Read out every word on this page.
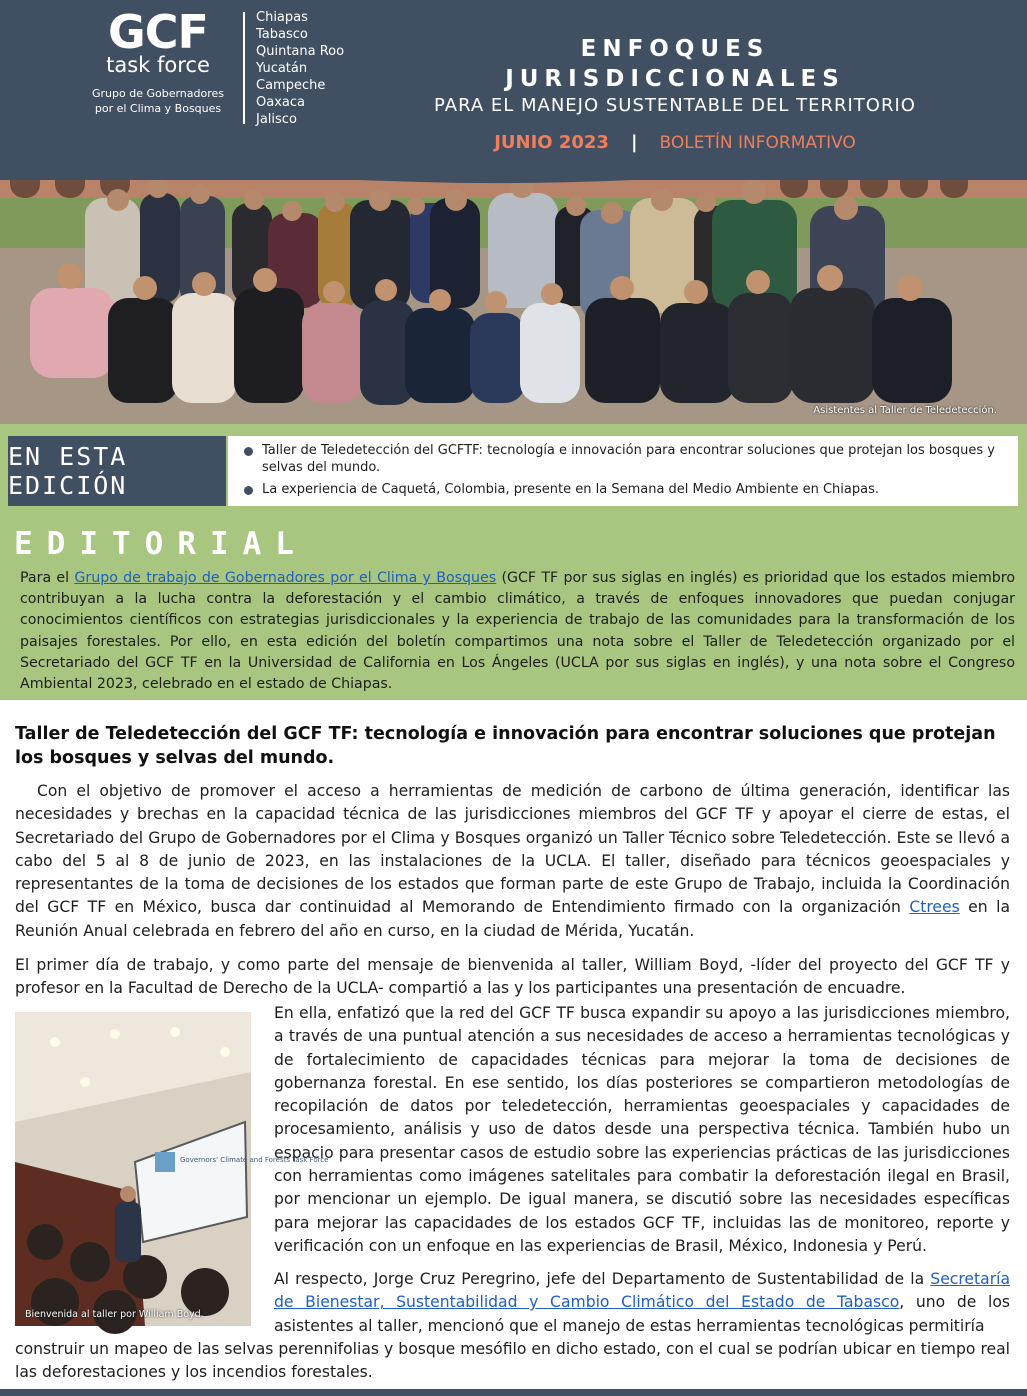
Asistentes al Taller de Teledetección.
GCF
task force
Grupo de Gobernadores
por el Clima y Bosques
Chiapas
Tabasco
Quintana Roo
Yucatán
Campeche
Oaxaca
Jalisco
ENFOQUES JURISDICCIONALES
PARA EL MANEJO SUSTENTABLE DEL TERRITORIO
JUNIO 2023 | BOLETÍN INFORMATIVO
EN ESTA EDICIÓN
Taller de Teledetección del GCFTF: tecnología e innovación para encontrar soluciones que protejan los bosques y selvas del mundo.
La experiencia de Caquetá, Colombia, presente en la Semana del Medio Ambiente en Chiapas.
EDITORIAL
Para el Grupo de trabajo de Gobernadores por el Clima y Bosques (GCF TF por sus siglas en inglés) es prioridad que los estados miembro contribuyan a la lucha contra la deforestación y el cambio climático, a través de enfoques innovadores que puedan conjugar conocimientos científicos con estrategias jurisdiccionales y la experiencia de trabajo de las comunidades para la transformación de los paisajes forestales. Por ello, en esta edición del boletín compartimos una nota sobre el Taller de Teledetección organizado por el Secretariado del GCF TF en la Universidad de California en Los Ángeles (UCLA por sus siglas en inglés), y una nota sobre el Congreso Ambiental 2023, celebrado en el estado de Chiapas.
Taller de Teledetección del GCF TF: tecnología e innovación para encontrar soluciones que protejan los bosques y selvas del mundo.
Con el objetivo de promover el acceso a herramientas de medición de carbono de última generación, identificar las necesidades y brechas en la capacidad técnica de las jurisdicciones miembros del GCF TF y apoyar el cierre de estas, el Secretariado del Grupo de Gobernadores por el Clima y Bosques organizó un Taller Técnico sobre Teledetección. Este se llevó a cabo del 5 al 8 de junio de 2023, en las instalaciones de la UCLA. El taller, diseñado para técnicos geoespaciales y representantes de la toma de decisiones de los estados que forman parte de este Grupo de Trabajo, incluida la Coordinación del GCF TF en México, busca dar continuidad al Memorando de Entendimiento firmado con la organización Ctrees en la Reunión Anual celebrada en febrero del año en curso, en la ciudad de Mérida, Yucatán.
El primer día de trabajo, y como parte del mensaje de bienvenida al taller, William Boyd, -líder del proyecto del GCF TF y profesor en la Facultad de Derecho de la UCLA- compartió a las y los participantes una presentación de encuadre.
Governors' Climate and Forests Task Force
Bienvenida al taller por William Boyd.
En ella, enfatizó que la red del GCF TF busca expandir su apoyo a las jurisdicciones miembro, a través de una puntual atención a sus necesidades de acceso a herramientas tecnológicas y de fortalecimiento de capacidades técnicas para mejorar la toma de decisiones de gobernanza forestal. En ese sentido, los días posteriores se compartieron metodologías de recopilación de datos por teledetección, herramientas geoespaciales y capacidades de procesamiento, análisis y uso de datos desde una perspectiva técnica. También hubo un espacio para presentar casos de estudio sobre las experiencias prácticas de las jurisdicciones con herramientas como imágenes satelitales para combatir la deforestación ilegal en Brasil, por mencionar un ejemplo. De igual manera, se discutió sobre las necesidades específicas para mejorar las capacidades de los estados GCF TF, incluidas las de monitoreo, reporte y verificación con un enfoque en las experiencias de Brasil, México, Indonesia y Perú.
Al respecto, Jorge Cruz Peregrino, jefe del Departamento de Sustentabilidad de la Secretaría de Bienestar, Sustentabilidad y Cambio Climático del Estado de Tabasco, uno de los asistentes al taller, mencionó que el manejo de estas herramientas tecnológicas permitiría
construir un mapeo de las selvas perennifolias y bosque mesófilo en dicho estado, con el cual se podrían ubicar en tiempo real las deforestaciones y los incendios forestales.
